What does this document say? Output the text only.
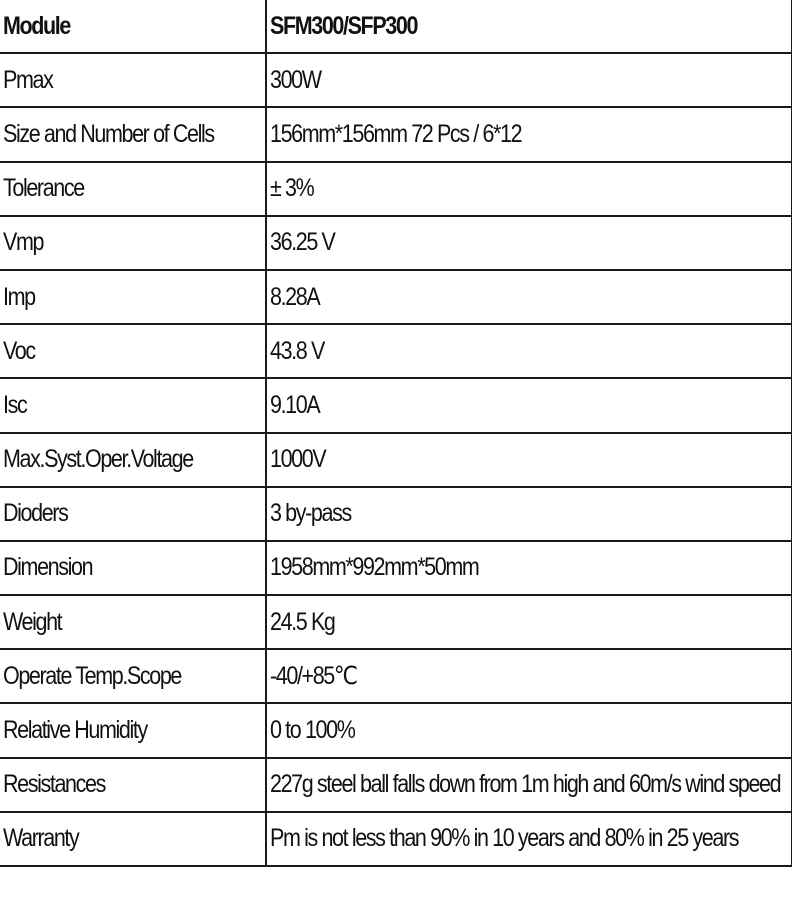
Module	SFM300/SFP300
Pmax	300W
Size and Number of Cells	156mm*156mm 72 Pcs / 6*12
Tolerance	± 3%
Vmp	36.25 V
Imp	8.28A
Voc	43.8 V
Isc	9.10A
Max.Syst.Oper.Voltage	1000V
Dioders	3 by-pass
Dimension	1958mm*992mm*50mm
Weight	24.5 Kg
Operate Temp.Scope	-40/+85℃
Relative Humidity	0 to 100%
Resistances	227g steel ball falls down from 1m high and 60m/s wind speed
Warranty	Pm is not less than 90% in 10 years and 80% in 25 years
